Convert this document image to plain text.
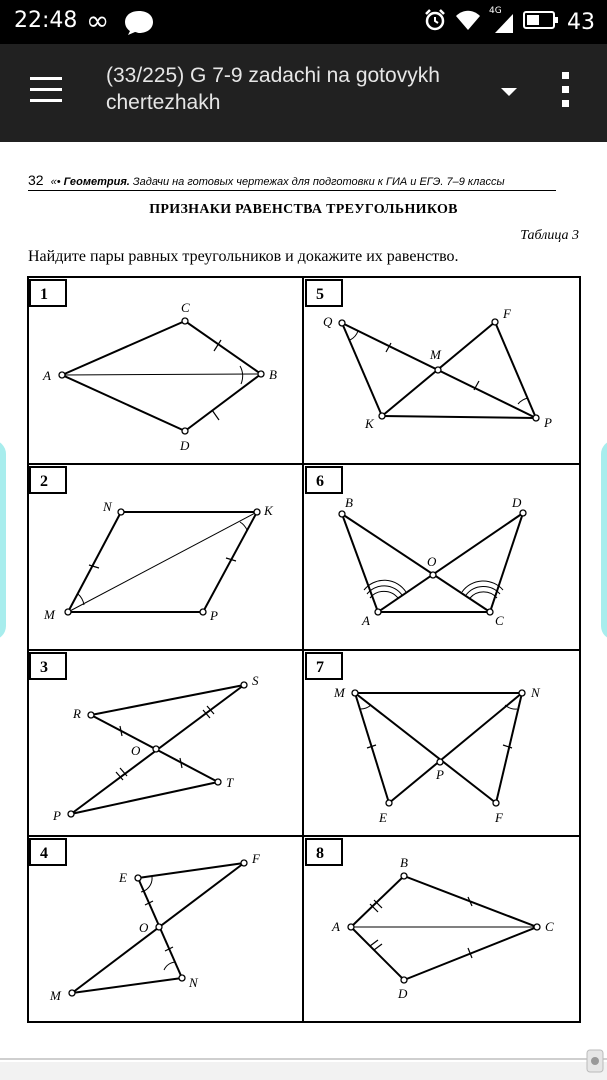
22:48 ∞	4G	43
(33/225) G 7-9 zadachi na gotovykh chertezhakh
32 «• Геометрия. Задачи на готовых чертежах для подготовки к ГИА и ЕГЭ. 7–9 классы
ПРИЗНАКИ РАВЕНСТВА ТРЕУГОЛЬНИКОВ
Таблица 3
Найдите пары равных треугольников и докажите их равенство.
1	5
2	6
3	7
4	8
C
A	B
D
Q
F
M
K	P
N	K
M	P
B	D
O
A	C
S
R
O
T
P
M	N
P
E	F
E
F
O
N
M
B
A	C
D
